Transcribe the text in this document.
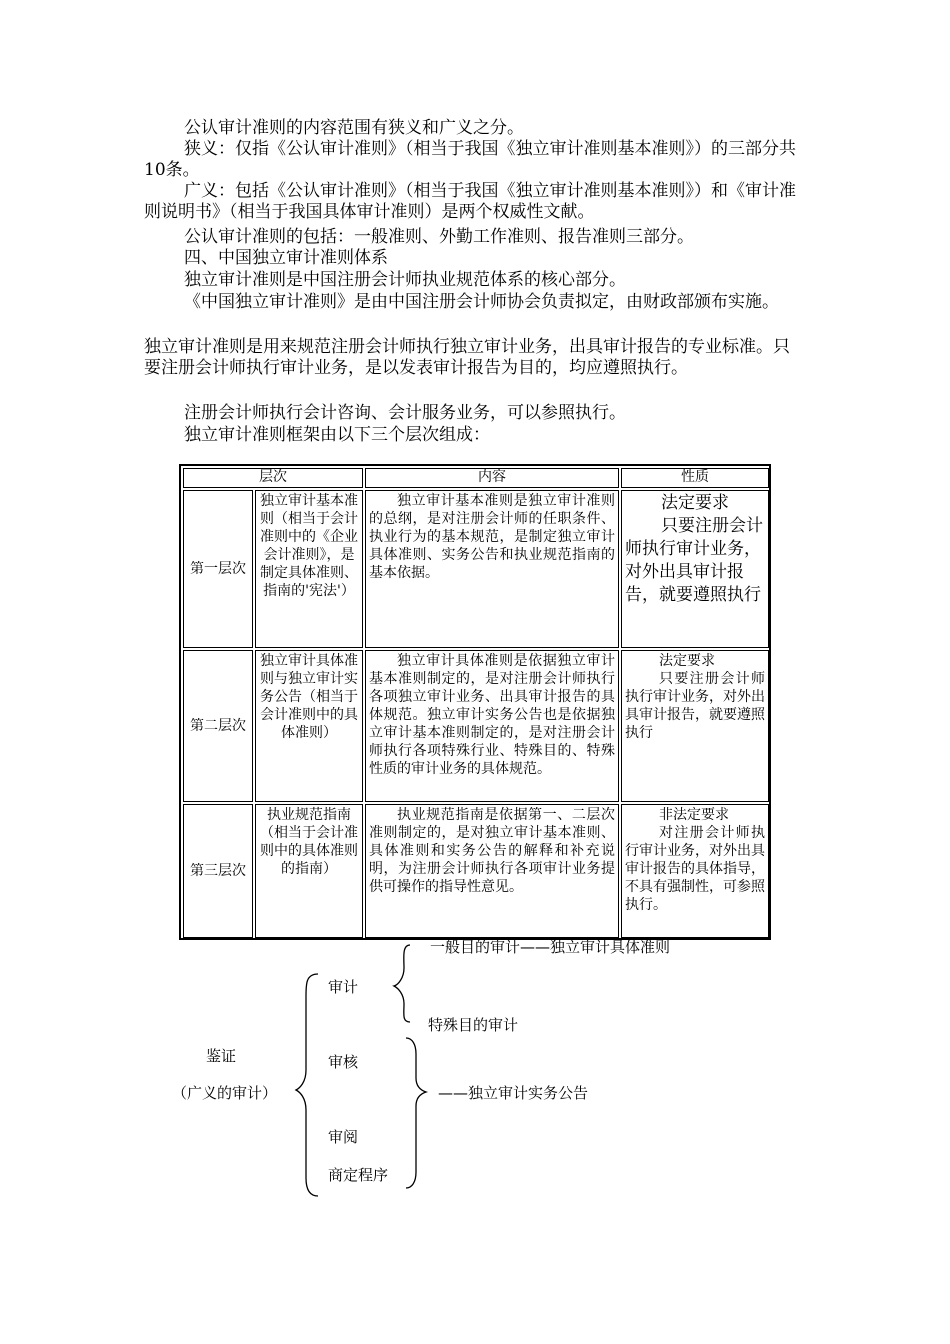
公认审计准则的内容范围有狭义和广义之分。

狭义：仅指《公认审计准则》（相当于我国《独立审计准则基本准则》）的三部分共10条。

广义：包括《公认审计准则》（相当于我国《独立审计准则基本准则》）和《审计准则说明书》（相当于我国具体审计准则）是两个权威性文献。

公认审计准则的包括：一般准则、外勤工作准则、报告准则三部分。

四、中国独立审计准则体系

独立审计准则是中国注册会计师执业规范体系的核心部分。

《中国独立审计准则》是由中国注册会计师协会负责拟定，由财政部颁布实施。

独立审计准则是用来规范注册会计师执行独立审计业务，出具审计报告的专业标准。只要注册会计师执行审计业务，是以发表审计报告为目的，均应遵照执行。

注册会计师执行会计咨询、会计服务业务，可以参照执行。

独立审计准则框架由以下三个层次组成：

层次	内容	性质
第一层次
独立审计基本准则（相当于会计准则中的《企业会计准则》，是制定具体准则、指南的'宪法'）
独立审计基本准则是独立审计准则的总纲，是对注册会计师的任职条件、执业行为的基本规范，是制定独立审计具体准则、实务公告和执业规范指南的基本依据。
法定要求
只要注册会计师执行审计业务，对外出具审计报告，就要遵照执行
第二层次
独立审计具体准则与独立审计实务公告（相当于会计准则中的具体准则）
独立审计具体准则是依据独立审计基本准则制定的，是对注册会计师执行各项独立审计业务、出具审计报告的具体规范。独立审计实务公告也是依据独立审计基本准则制定的，是对注册会计师执行各项特殊行业、特殊目的、特殊性质的审计业务的具体规范。
法定要求
只要注册会计师执行审计业务，对外出具审计报告，就要遵照执行
第三层次
执业规范指南（相当于会计准则中的具体准则的指南）
执业规范指南是依据第一、二层次准则制定的，是对独立审计基本准则、具体准则和实务公告的解释和补充说明，为注册会计师执行各项审计业务提供可操作的指导性意见。
非法定要求
对注册会计师执行审计业务，对外出具审计报告的具体指导，不具有强制性，可参照执行。
鉴证
（广义的审计）
审计
一般目的审计——独立审计具体准则
特殊目的审计
审核
——独立审计实务公告
审阅
商定程序
